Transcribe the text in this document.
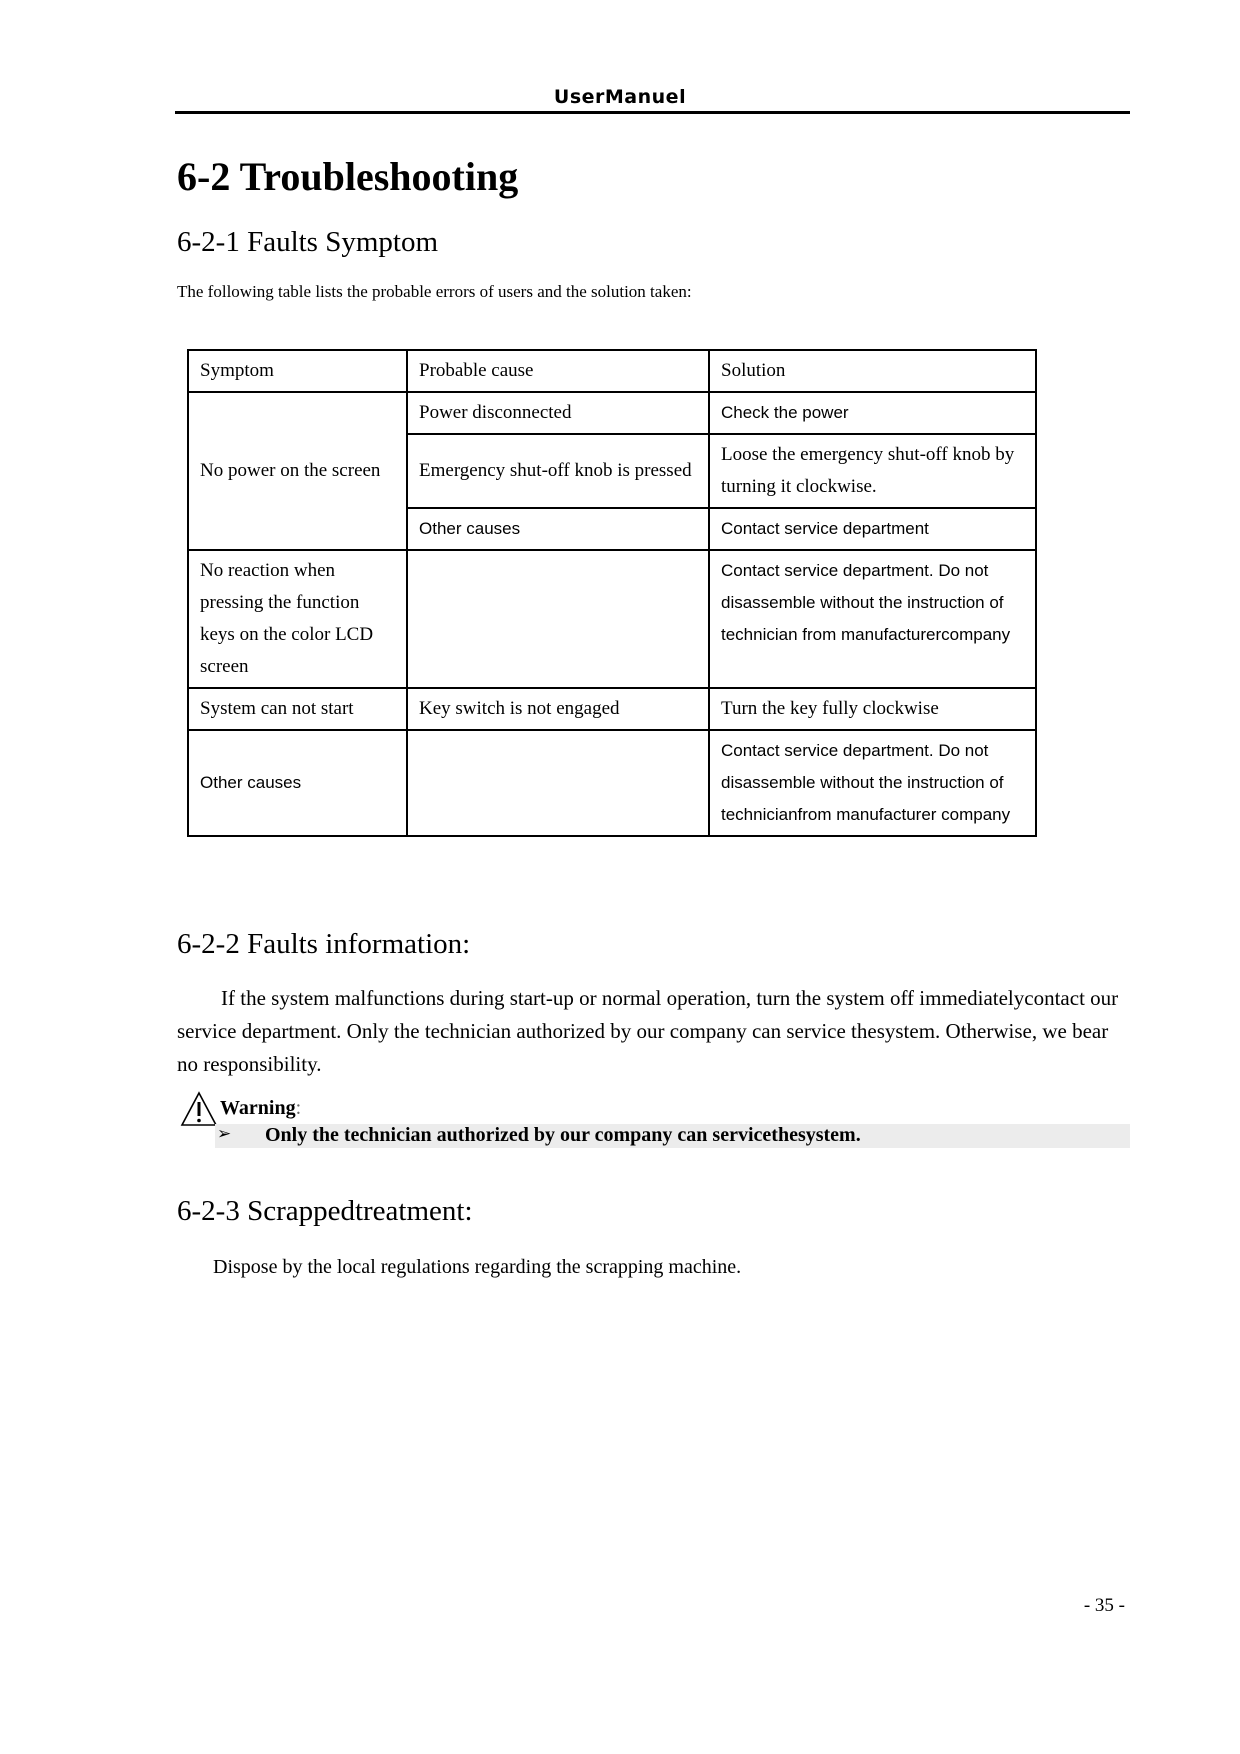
UserManuel
6-2 Troubleshooting
6-2-1 Faults Symptom
The following table lists the probable errors of users and the solution taken:
Symptom	Probable cause	Solution
No power on the screen	Power disconnected	Check the power
	Emergency shut-off knob is pressed	Loose the emergency shut-off knob by turning it clockwise.
	Other causes	Contact service department
No reaction when pressing the function keys on the color LCD screen		Contact service department. Do not disassemble without the instruction of technician from manufacturercompany
System can not start	Key switch is not engaged	Turn the key fully clockwise
Other causes		Contact service department. Do not disassemble without the instruction of technicianfrom manufacturer company
6-2-2 Faults information:
If the system malfunctions during start-up or normal operation, turn the system off immediatelycontact our service department. Only the technician authorized by our company can service thesystem. Otherwise, we bear no responsibility.
Warning :
➢ Only the technician authorized by our company can servicethesystem.
6-2-3 Scrappedtreatment:
Dispose by the local regulations regarding the scrapping machine.
- 35 -
